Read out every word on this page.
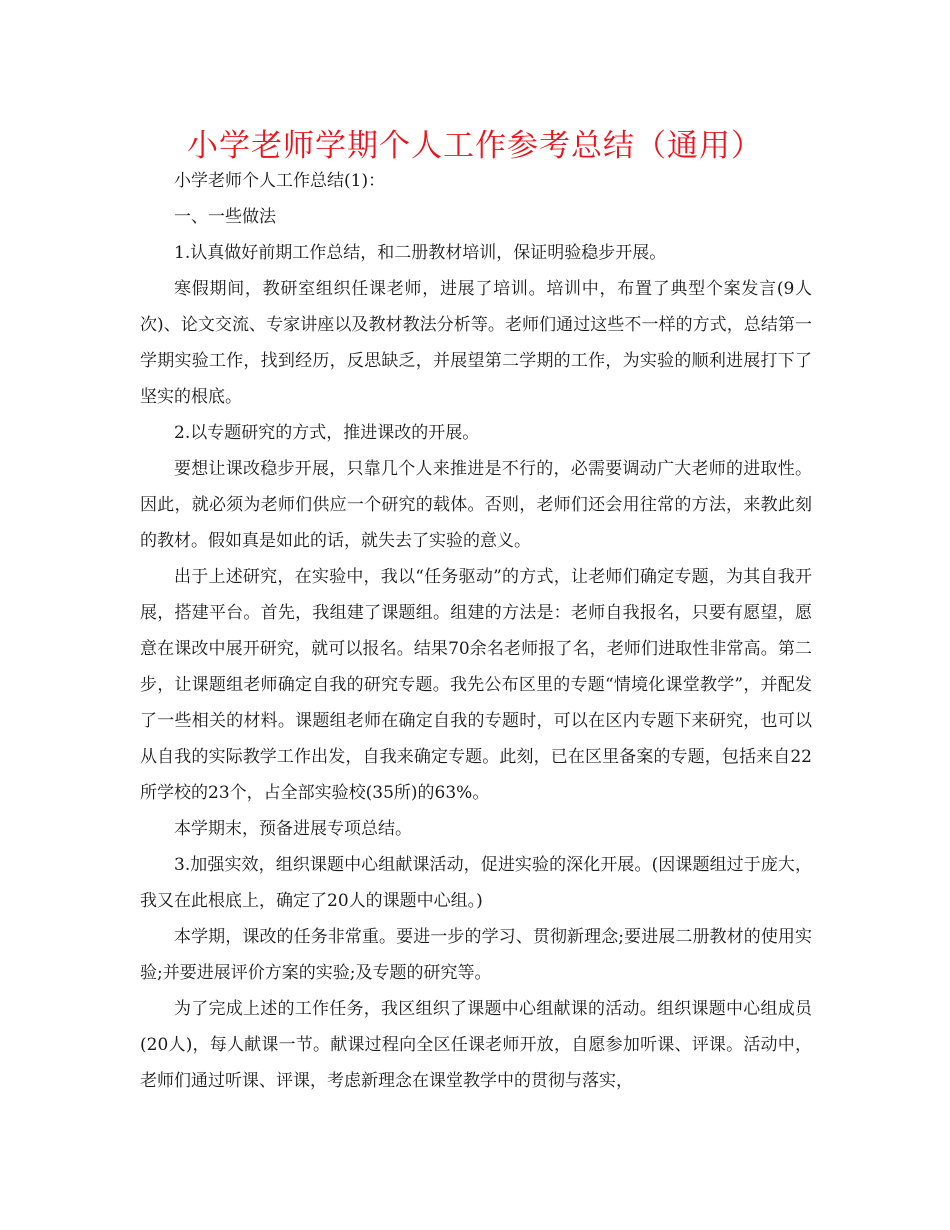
小学老师学期个人工作参考总结（通用）

小学老师个人工作总结(1)：

一、一些做法

1.认真做好前期工作总结，和二册教材培训，保证明验稳步开展。

寒假期间，教研室组织任课老师，进展了培训。培训中，布置了典型个案发言(9人次)、论文交流、专家讲座以及教材教法分析等。老师们通过这些不一样的方式，总结第一学期实验工作，找到经历，反思缺乏，并展望第二学期的工作，为实验的顺利进展打下了坚实的根底。

2.以专题研究的方式，推进课改的开展。

要想让课改稳步开展，只靠几个人来推进是不行的，必需要调动广大老师的进取性。因此，就必须为老师们供应一个研究的载体。否则，老师们还会用往常的方法，来教此刻的教材。假如真是如此的话，就失去了实验的意义。

出于上述研究，在实验中，我以“任务驱动”的方式，让老师们确定专题，为其自我开展，搭建平台。首先，我组建了课题组。组建的方法是：老师自我报名，只要有愿望，愿意在课改中展开研究，就可以报名。结果70余名老师报了名，老师们进取性非常高。第二步，让课题组老师确定自我的研究专题。我先公布区里的专题“情境化课堂教学”，并配发了一些相关的材料。课题组老师在确定自我的专题时，可以在区内专题下来研究，也可以从自我的实际教学工作出发，自我来确定专题。此刻，已在区里备案的专题，包括来自22所学校的23个，占全部实验校(35所)的63%。

本学期末，预备进展专项总结。

3.加强实效，组织课题中心组献课活动，促进实验的深化开展。(因课题组过于庞大，我又在此根底上，确定了20人的课题中心组。)

本学期，课改的任务非常重。要进一步的学习、贯彻新理念;要进展二册教材的使用实验;并要进展评价方案的实验;及专题的研究等。

为了完成上述的工作任务，我区组织了课题中心组献课的活动。组织课题中心组成员(20人)，每人献课一节。献课过程向全区任课老师开放，自愿参加听课、评课。活动中，老师们通过听课、评课，考虑新理念在课堂教学中的贯彻与落实，
